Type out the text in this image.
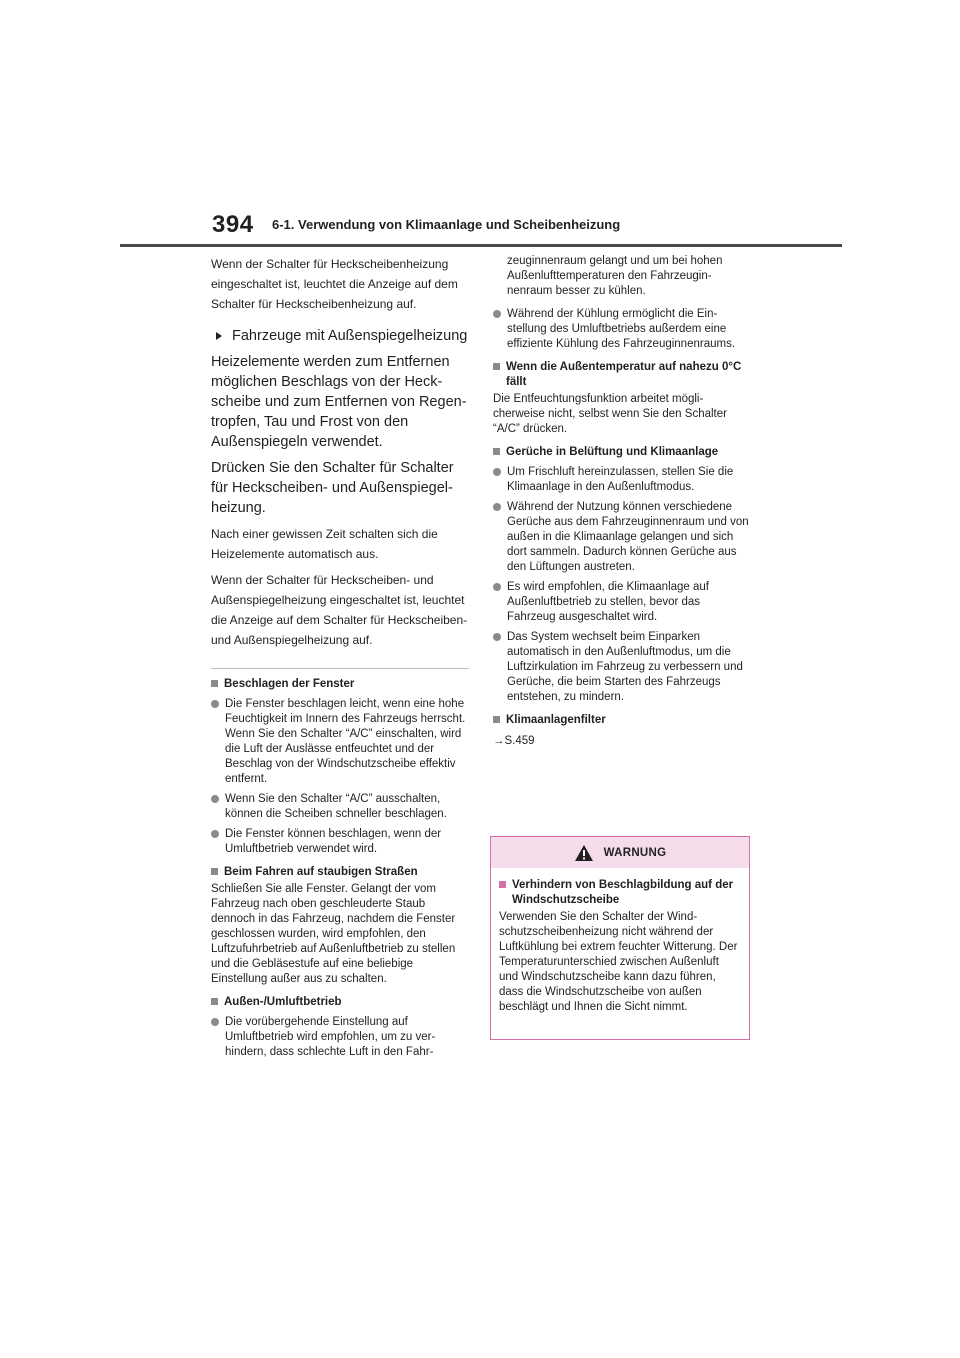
394 6-1. Verwendung von Klimaanlage und Scheibenheizung

Wenn der Schalter für Heckscheibenheizung eingeschaltet ist, leuchtet die Anzeige auf dem Schalter für Heckscheibenheizung auf.

Fahrzeuge mit Außenspiegelheizung

Heizelemente werden zum Entfernen möglichen Beschlags von der Heckscheibe und zum Entfernen von Regentropfen, Tau und Frost von den Außenspiegeln verwendet.

Drücken Sie den Schalter für Schalter für Heckscheiben- und Außenspiegelheizung.

Nach einer gewissen Zeit schalten sich die Heizelemente automatisch aus.

Wenn der Schalter für Heckscheiben- und Außenspiegelheizung eingeschaltet ist, leuchtet die Anzeige auf dem Schalter für Heckscheiben- und Außenspiegelheizung auf.

Beschlagen der Fenster
Die Fenster beschlagen leicht, wenn eine hohe Feuchtigkeit im Innern des Fahrzeugs herrscht. Wenn Sie den Schalter “A/C” einschalten, wird die Luft der Auslässe entfeuchtet und der Beschlag von der Windschutzscheibe effektiv entfernt.
Wenn Sie den Schalter “A/C” ausschalten, können die Scheiben schneller beschlagen.
Die Fenster können beschlagen, wenn der Umluftbetrieb verwendet wird.
Beim Fahren auf staubigen Straßen

Schließen Sie alle Fenster. Gelangt der vom Fahrzeug nach oben geschleuderte Staub dennoch in das Fahrzeug, nachdem die Fenster geschlossen wurden, wird empfohlen, den Luftzufuhrbetrieb auf Außenluftbetrieb zu stellen und die Gebläsestufe auf eine beliebige Einstellung außer aus zu schalten.

Außen-/Umluftbetrieb
Die vorübergehende Einstellung auf Umluftbetrieb wird empfohlen, um zu verhindern, dass schlechte Luft in den Fahr-

zeuginnenraum gelangt und um bei hohen Außenlufttemperaturen den Fahrzeuginnenraum besser zu kühlen.

Während der Kühlung ermöglicht die Einstellung des Umluftbetriebs außerdem eine effiziente Kühlung des Fahrzeuginnenraums.
Wenn die Außentemperatur auf nahezu 0°C fällt

Die Entfeuchtungsfunktion arbeitet möglicherweise nicht, selbst wenn Sie den Schalter “A/C” drücken.

Gerüche in Belüftung und Klimaanlage
Um Frischluft hereinzulassen, stellen Sie die Klimaanlage in den Außenluftmodus.
Während der Nutzung können verschiedene Gerüche aus dem Fahrzeuginnenraum und von außen in die Klimaanlage gelangen und sich dort sammeln. Dadurch können Gerüche aus den Lüftungen austreten.
Es wird empfohlen, die Klimaanlage auf Außenluftbetrieb zu stellen, bevor das Fahrzeug ausgeschaltet wird.
Das System wechselt beim Einparken automatisch in den Außenluftmodus, um die Luftzirkulation im Fahrzeug zu verbessern und Gerüche, die beim Starten des Fahrzeugs entstehen, zu mindern.
Klimaanlagenfilter

→S.459

WARNUNG
Verhindern von Beschlagbildung auf der Windschutzscheibe

Verwenden Sie den Schalter der Windschutzscheibenheizung nicht während der Luftkühlung bei extrem feuchter Witterung. Der Temperaturunterschied zwischen Außenluft und Windschutzscheibe kann dazu führen, dass die Windschutzscheibe von außen beschlägt und Ihnen die Sicht nimmt.
